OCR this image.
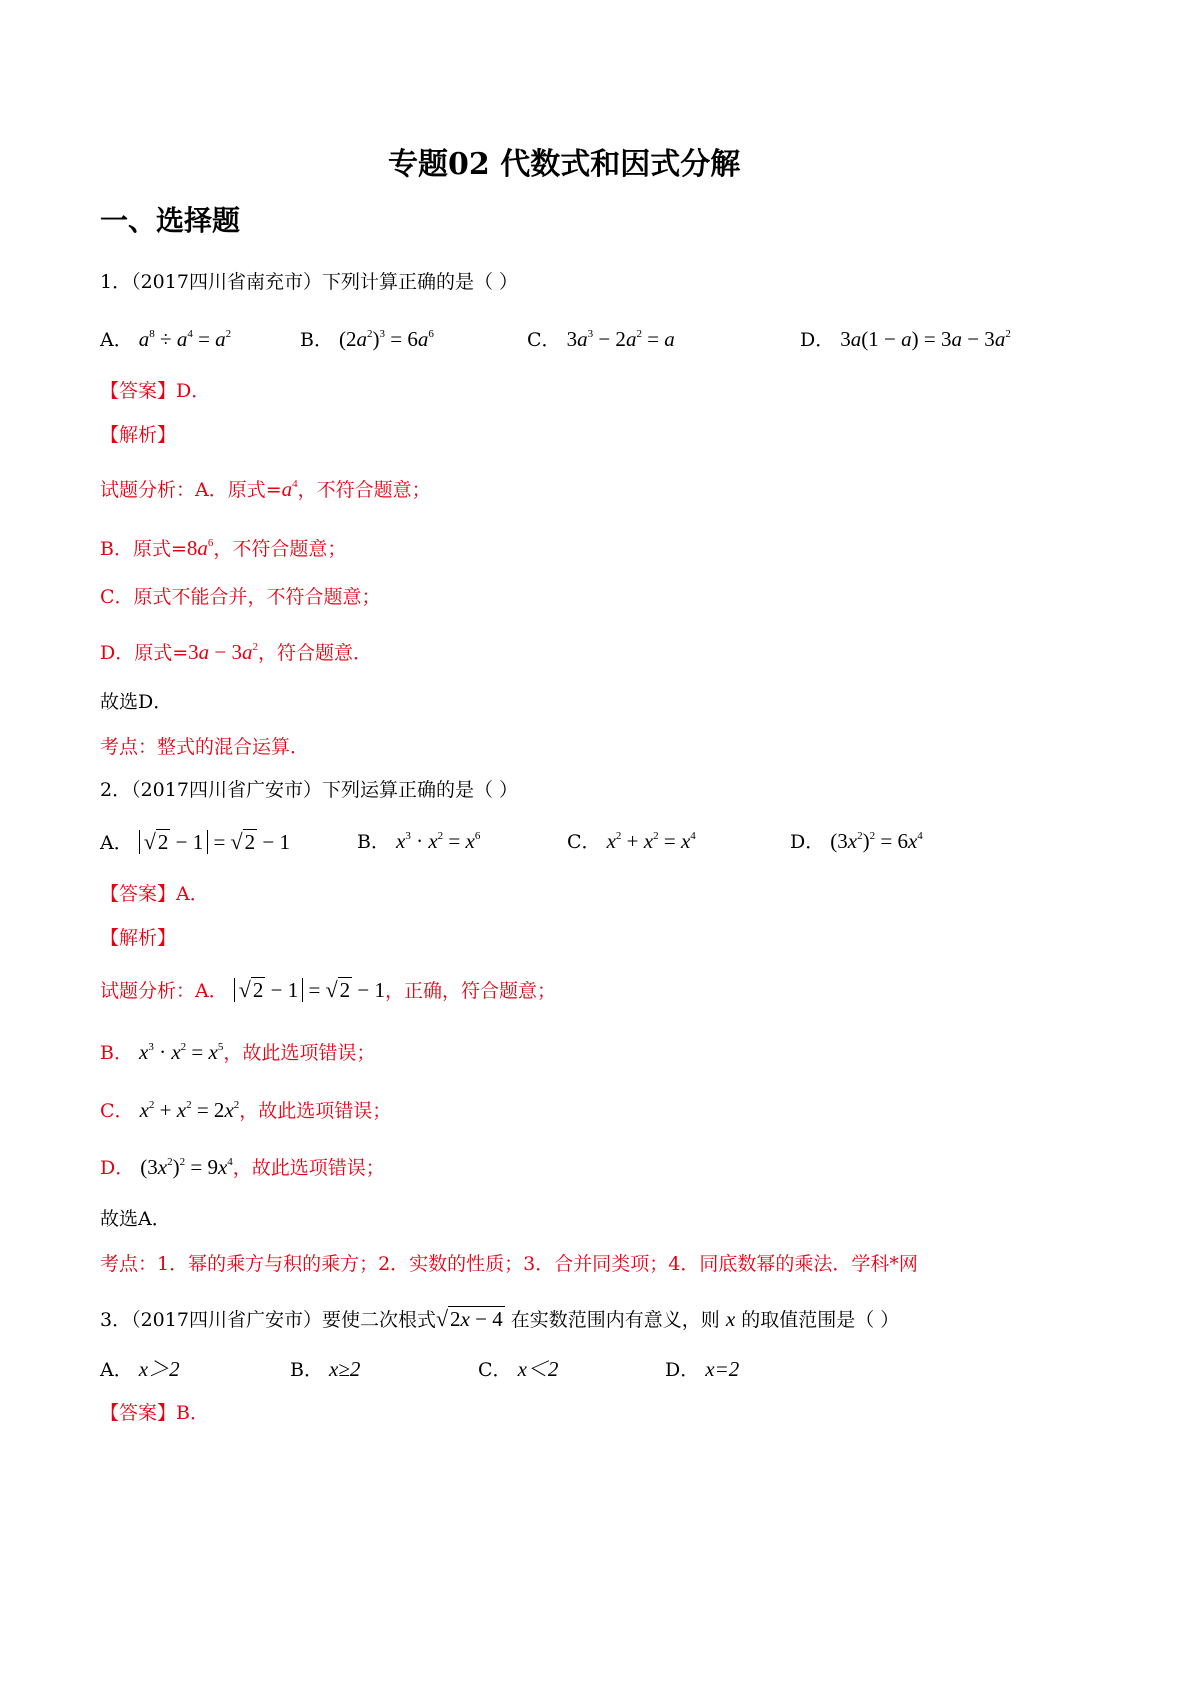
专题02 代数式和因式分解
一、选择题
1．（2017四川省南充市）下列计算正确的是（ ）
A． $a^8 \div a^4 = a^2$	B． $(2a^2)^3 = 6a^6$	C． $3a^3 - 2a^2 = a$	D． $3a(1 - a) = 3a - 3a^2$
【答案】D．
【解析】
试题分析：A．原式$=a^4$，不符合题意；
B．原式$=8a^6$，不符合题意；
C．原式不能合并，不符合题意；
D．原式$=3a - 3a^2$，符合题意．
故选D．
考点：整式的混合运算．
2．（2017四川省广安市）下列运算正确的是（ ）
A． √2 − 1 = √2 − 1	B． $x^3 \cdot x^2 = x^6$	C． $x^2 + x^2 = x^4$	D． $(3x^2)^2 = 6x^4$
【答案】A．
【解析】
试题分析：A． √2 − 1 = √2 − 1，正确，符合题意；
B． $x^3 \cdot x^2 = x^5$，故此选项错误；
C． $x^2 + x^2 = 2x^2$，故此选项错误；
D． $(3x^2)^2 = 9x^4$，故此选项错误；
故选A．
考点：1．幂的乘方与积的乘方；2．实数的性质；3．合并同类项；4．同底数幂的乘法．学科*网
3．（2017四川省广安市）要使二次根式√2x − 4 在实数范围内有意义，则 x 的取值范围是（ ）
A． x＞2	B． x≥2	C． x＜2	D． x=2
【答案】B．
